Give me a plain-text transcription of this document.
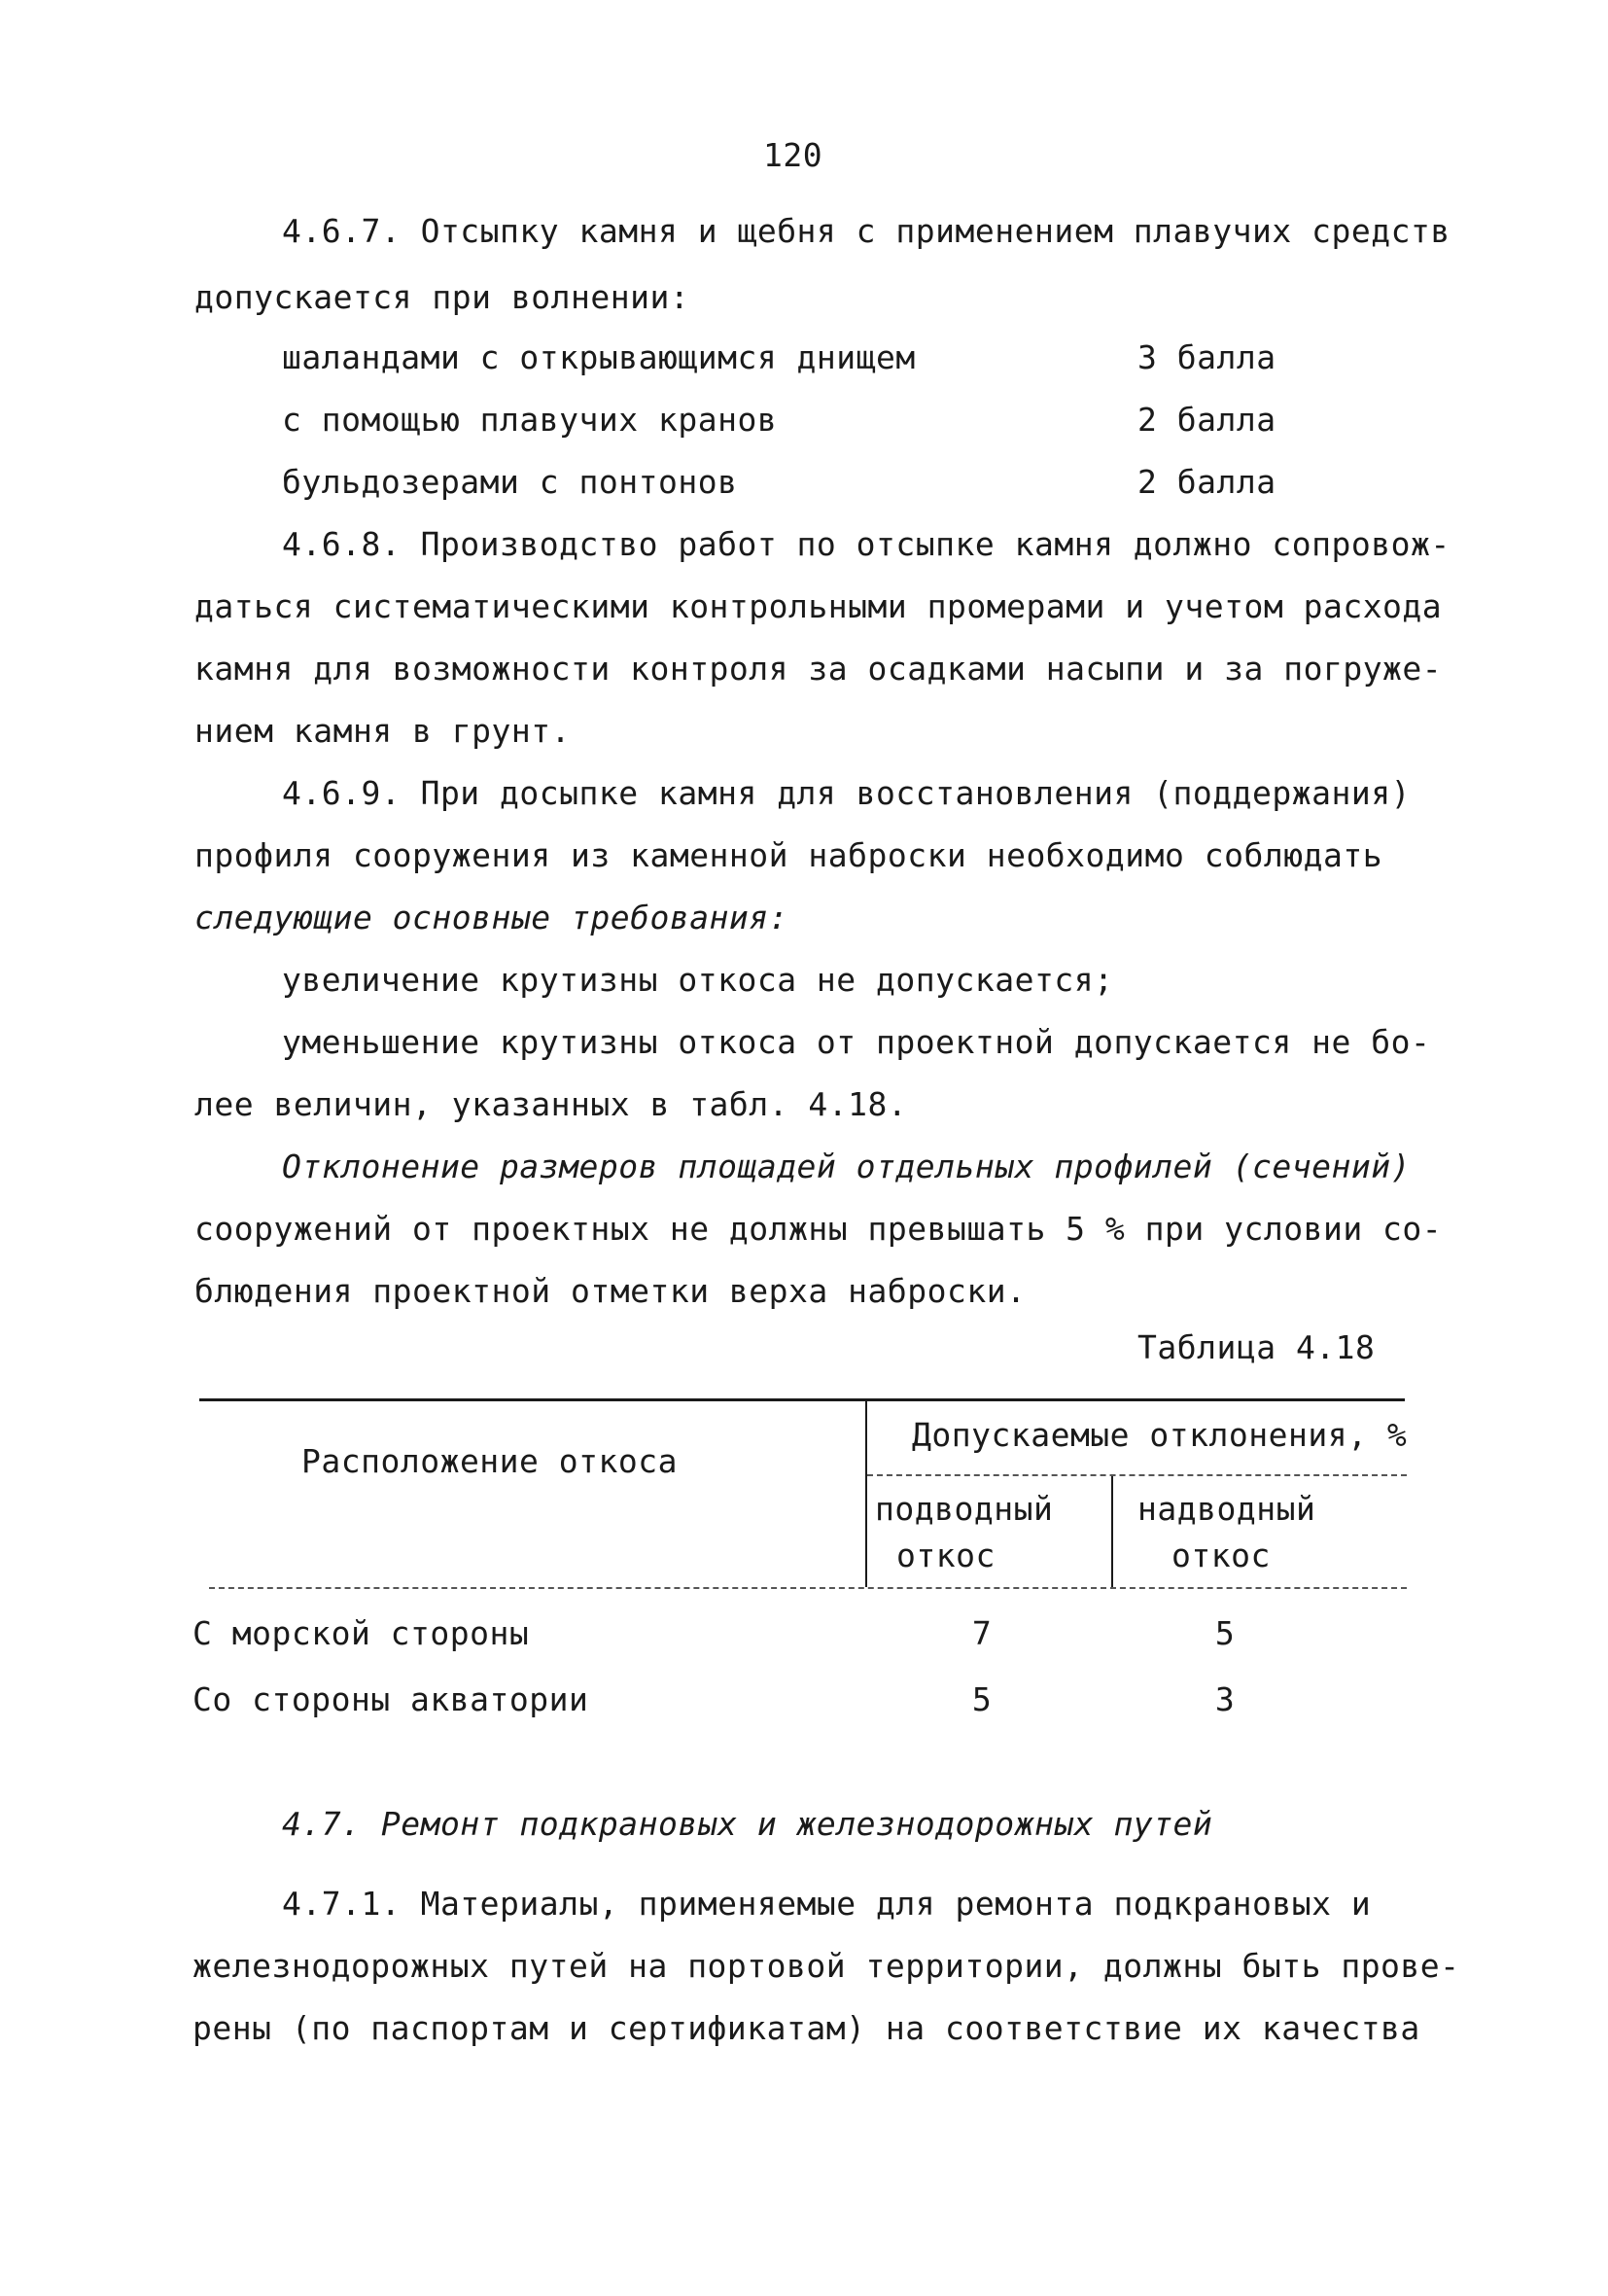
120
4.6.7. Отсыпку камня и щебня с применением плавучих средств
допускается при волнении:
шаландами с открывающимся днищем	3 балла
с помощью плавучих кранов	2 балла
бульдозерами с понтонов	2 балла
4.6.8. Производство работ по отсыпке камня должно сопровож-
даться систематическими контрольными промерами и учетом расхода
камня для возможности контроля за осадками насыпи и за погруже-
нием камня в грунт.
4.6.9. При досыпке камня для восстановления (поддержания)
профиля сооружения из каменной наброски необходимо соблюдать
следующие основные требования:
увеличение крутизны откоса не допускается;
уменьшение крутизны откоса от проектной допускается не бо-
лее величин, указанных в табл. 4.18.
Отклонение размеров площадей отдельных профилей (сечений)
сооружений от проектных не должны превышать 5 % при условии со-
блюдения проектной отметки верха наброски.
Таблица 4.18
Расположение откоса
Допускаемые отклонения, %
подводный
откос
надводный
откос
С морской стороны	7	5
Со стороны акватории	5	3
4.7. Ремонт подкрановых и железнодорожных путей
4.7.1. Материалы, применяемые для ремонта подкрановых и
железнодорожных путей на портовой территории, должны быть прове-
рены (по паспортам и сертификатам) на соответствие их качества
